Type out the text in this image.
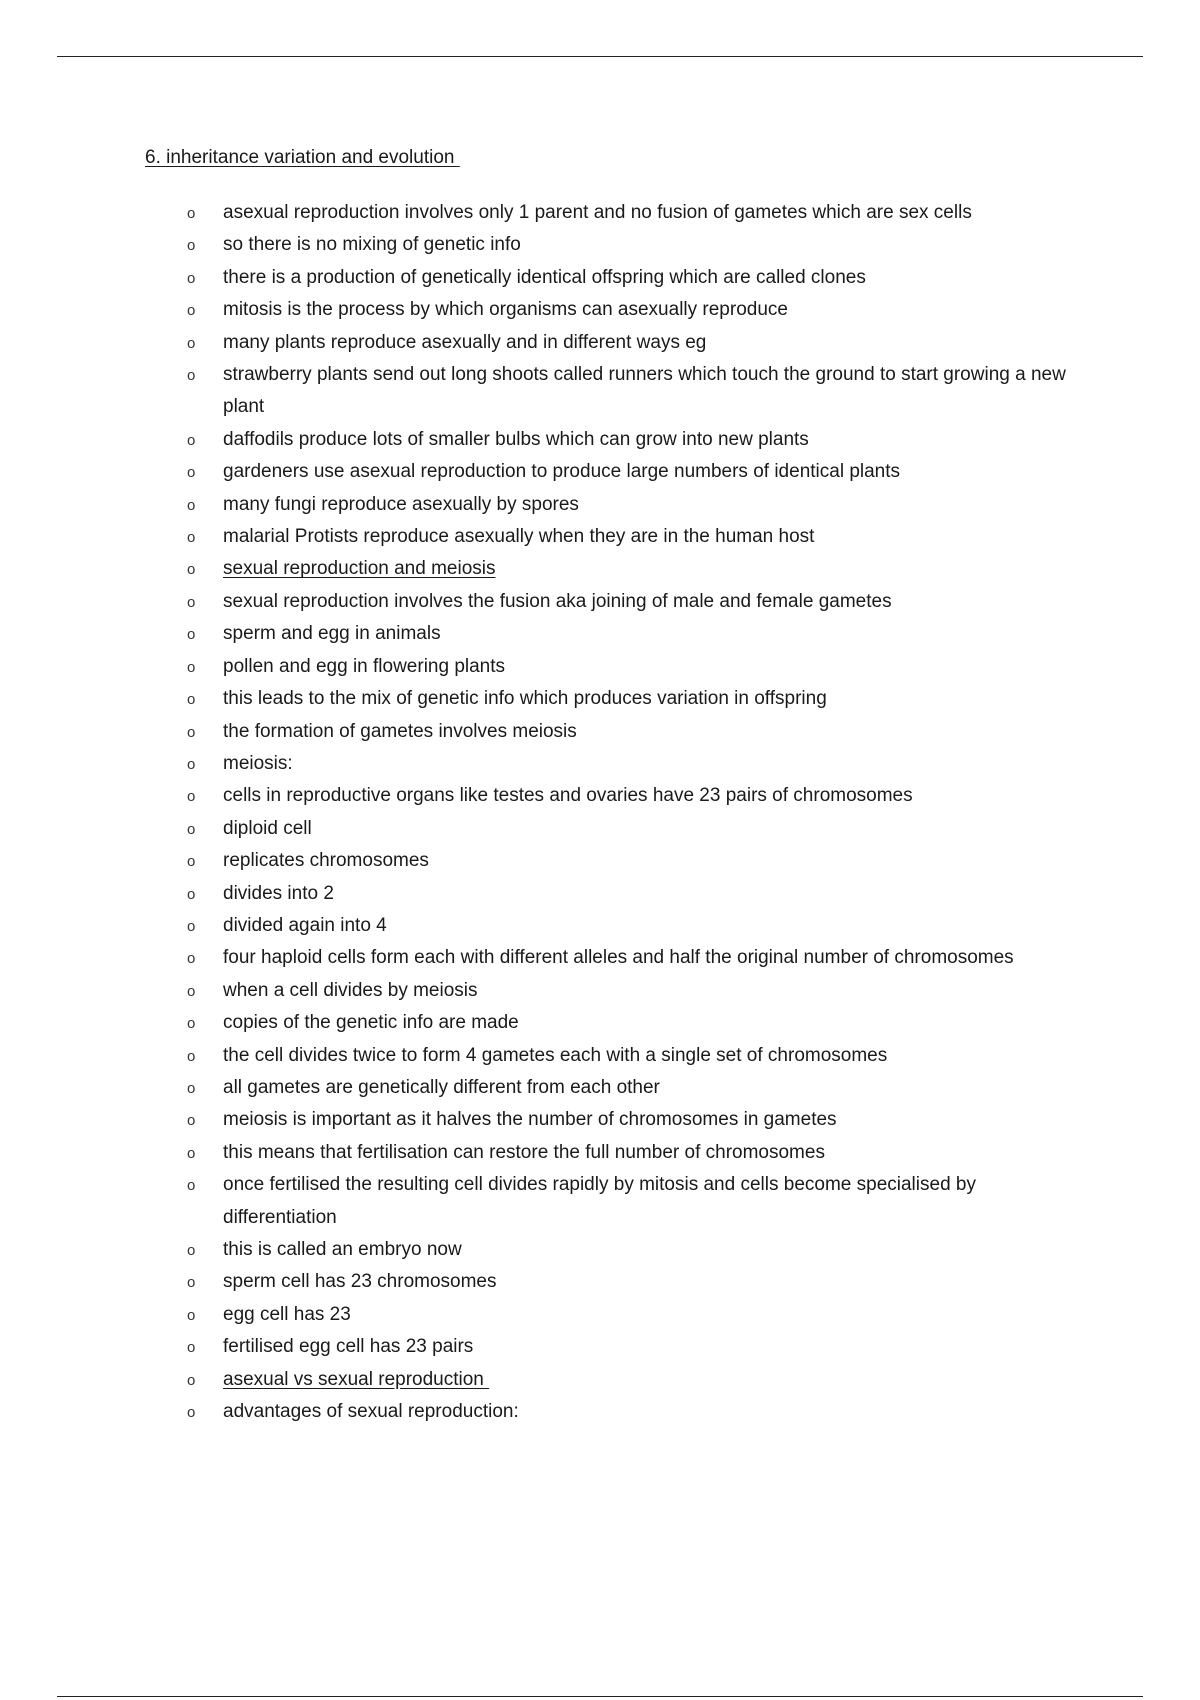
6. inheritance variation and evolution
o asexual reproduction involves only 1 parent and no fusion of gametes which are sex cells
o so there is no mixing of genetic info
o there is a production of genetically identical offspring which are called clones
o mitosis is the process by which organisms can asexually reproduce
o many plants reproduce asexually and in different ways eg
o strawberry plants send out long shoots called runners which touch the ground to start growing a new plant
o daffodils produce lots of smaller bulbs which can grow into new plants
o gardeners use asexual reproduction to produce large numbers of identical plants
o many fungi reproduce asexually by spores
o malarial Protists reproduce asexually when they are in the human host
o sexual reproduction and meiosis
o sexual reproduction involves the fusion aka joining of male and female gametes
o sperm and egg in animals
o pollen and egg in flowering plants
o this leads to the mix of genetic info which produces variation in offspring
o the formation of gametes involves meiosis
o meiosis:
o cells in reproductive organs like testes and ovaries have 23 pairs of chromosomes
o diploid cell
o replicates chromosomes
o divides into 2
o divided again into 4
o four haploid cells form each with different alleles and half the original number of chromosomes
o when a cell divides by meiosis
o copies of the genetic info are made
o the cell divides twice to form 4 gametes each with a single set of chromosomes
o all gametes are genetically different from each other
o meiosis is important as it halves the number of chromosomes in gametes
o this means that fertilisation can restore the full number of chromosomes
o once fertilised the resulting cell divides rapidly by mitosis and cells become specialised by differentiation
o this is called an embryo now
o sperm cell has 23 chromosomes
o egg cell has 23
o fertilised egg cell has 23 pairs
o asexual vs sexual reproduction
o advantages of sexual reproduction:
